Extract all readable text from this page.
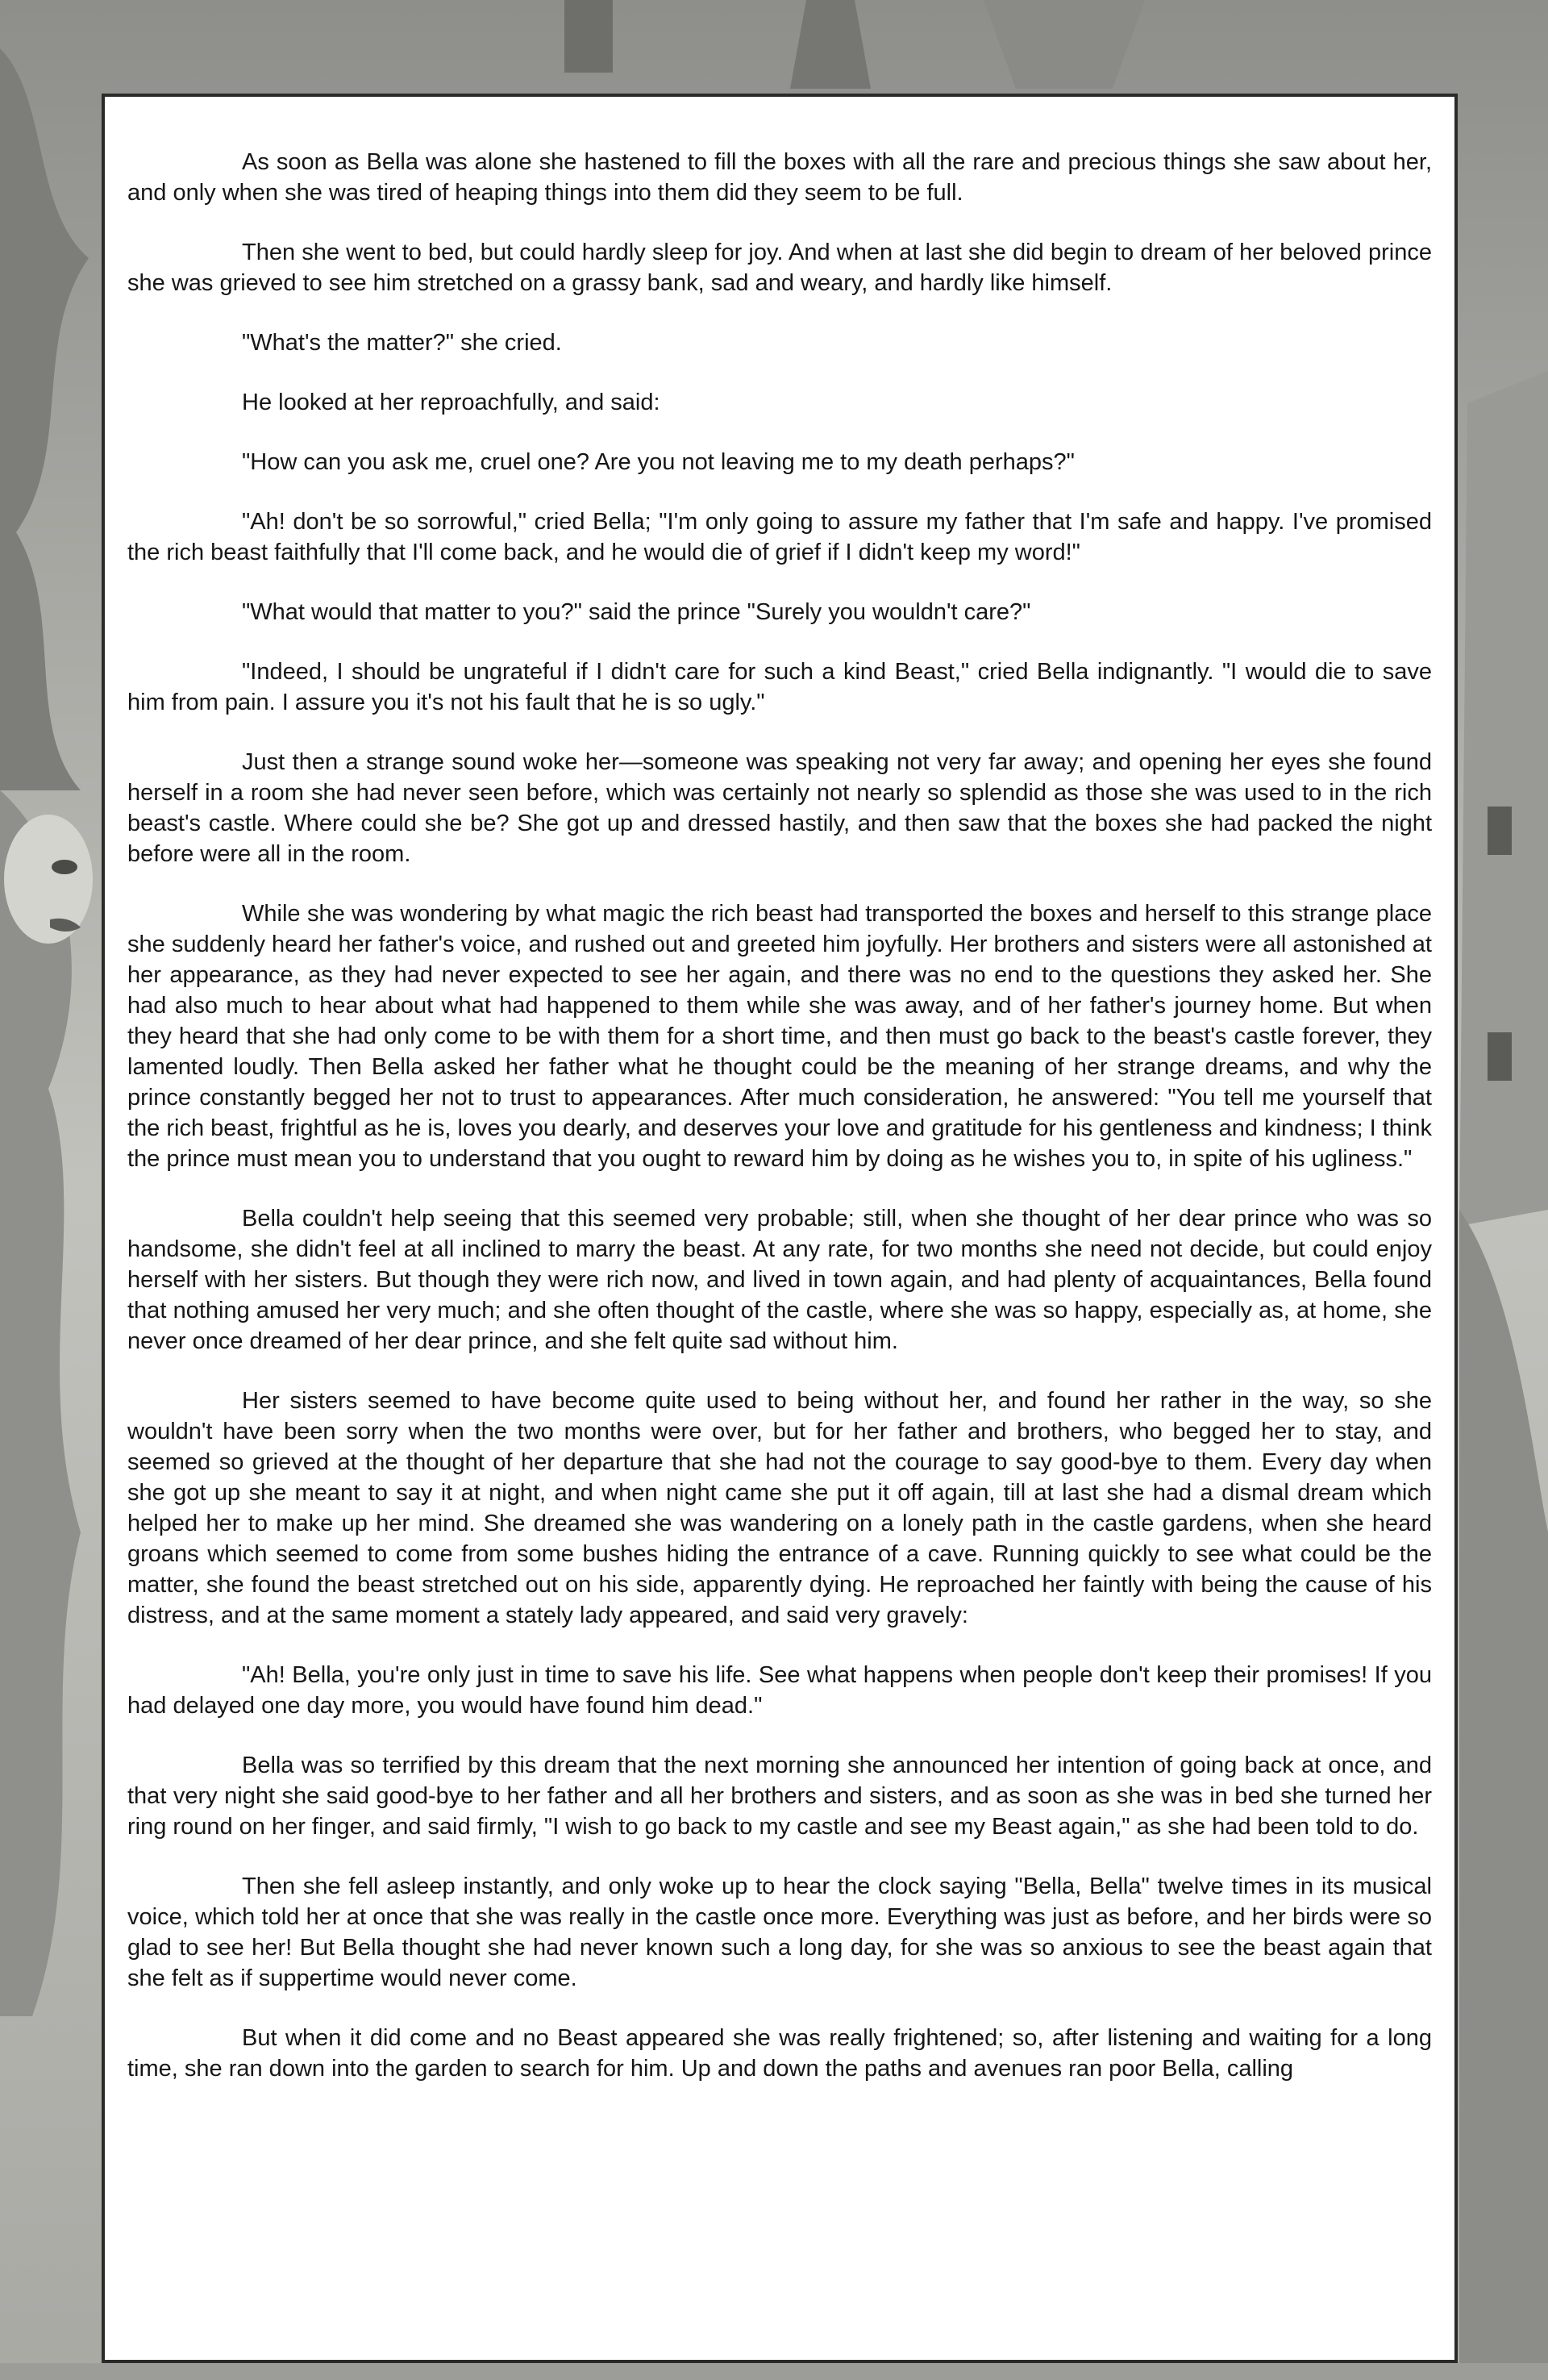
As soon as Bella was alone she hastened to fill the boxes with all the rare and precious things she saw about her, and only when she was tired of heaping things into them did they seem to be full.

Then she went to bed, but could hardly sleep for joy. And when at last she did begin to dream of her beloved prince she was grieved to see him stretched on a grassy bank, sad and weary, and hardly like himself.

"What's the matter?" she cried.

He looked at her reproachfully, and said:

"How can you ask me, cruel one? Are you not leaving me to my death perhaps?"

"Ah! don't be so sorrowful," cried Bella; "I'm only going to assure my father that I'm safe and happy. I've promised the rich beast faithfully that I'll come back, and he would die of grief if I didn't keep my word!"

"What would that matter to you?" said the prince "Surely you wouldn't care?"

"Indeed, I should be ungrateful if I didn't care for such a kind Beast," cried Bella indignantly. "I would die to save him from pain. I assure you it's not his fault that he is so ugly."

Just then a strange sound woke her—someone was speaking not very far away; and opening her eyes she found herself in a room she had never seen before, which was certainly not nearly so splendid as those she was used to in the rich beast's castle. Where could she be? She got up and dressed hastily, and then saw that the boxes she had packed the night before were all in the room.

While she was wondering by what magic the rich beast had transported the boxes and herself to this strange place she suddenly heard her father's voice, and rushed out and greeted him joyfully. Her brothers and sisters were all astonished at her appearance, as they had never expected to see her again, and there was no end to the questions they asked her. She had also much to hear about what had happened to them while she was away, and of her father's journey home. But when they heard that she had only come to be with them for a short time, and then must go back to the beast's castle forever, they lamented loudly. Then Bella asked her father what he thought could be the meaning of her strange dreams, and why the prince constantly begged her not to trust to appearances. After much consideration, he answered: "You tell me yourself that the rich beast, frightful as he is, loves you dearly, and deserves your love and gratitude for his gentleness and kindness; I think the prince must mean you to understand that you ought to reward him by doing as he wishes you to, in spite of his ugliness."

Bella couldn't help seeing that this seemed very probable; still, when she thought of her dear prince who was so handsome, she didn't feel at all inclined to marry the beast. At any rate, for two months she need not decide, but could enjoy herself with her sisters. But though they were rich now, and lived in town again, and had plenty of acquaintances, Bella found that nothing amused her very much; and she often thought of the castle, where she was so happy, especially as, at home, she never once dreamed of her dear prince, and she felt quite sad without him.

Her sisters seemed to have become quite used to being without her, and found her rather in the way, so she wouldn't have been sorry when the two months were over, but for her father and brothers, who begged her to stay, and seemed so grieved at the thought of her departure that she had not the courage to say good-bye to them. Every day when she got up she meant to say it at night, and when night came she put it off again, till at last she had a dismal dream which helped her to make up her mind. She dreamed she was wandering on a lonely path in the castle gardens, when she heard groans which seemed to come from some bushes hiding the entrance of a cave. Running quickly to see what could be the matter, she found the beast stretched out on his side, apparently dying. He reproached her faintly with being the cause of his distress, and at the same moment a stately lady appeared, and said very gravely:

"Ah! Bella, you're only just in time to save his life. See what happens when people don't keep their promises! If you had delayed one day more, you would have found him dead."

Bella was so terrified by this dream that the next morning she announced her intention of going back at once, and that very night she said good-bye to her father and all her brothers and sisters, and as soon as she was in bed she turned her ring round on her finger, and said firmly, "I wish to go back to my castle and see my Beast again," as she had been told to do.

Then she fell asleep instantly, and only woke up to hear the clock saying "Bella, Bella" twelve times in its musical voice, which told her at once that she was really in the castle once more. Everything was just as before, and her birds were so glad to see her! But Bella thought she had never known such a long day, for she was so anxious to see the beast again that she felt as if suppertime would never come.

But when it did come and no Beast appeared she was really frightened; so, after listening and waiting for a long time, she ran down into the garden to search for him. Up and down the paths and avenues ran poor Bella, calling
